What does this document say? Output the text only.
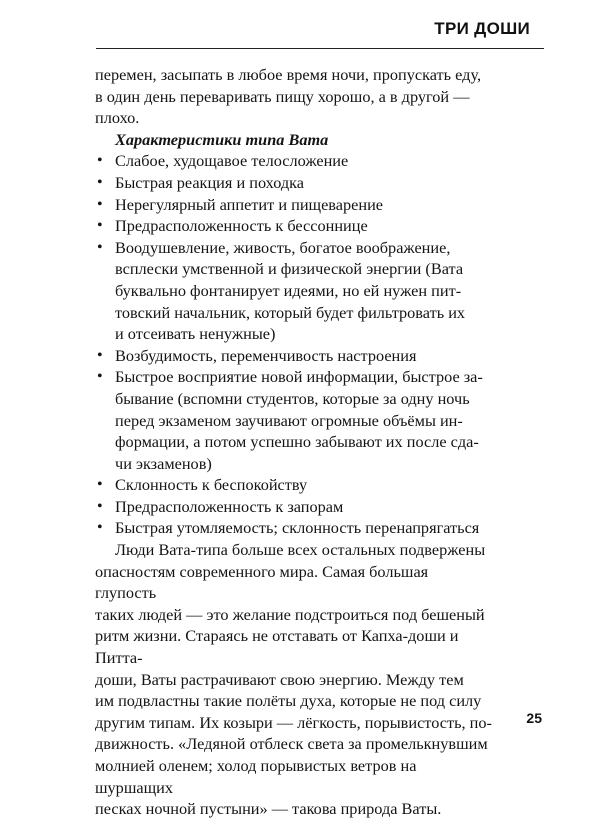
ТРИ ДОШИ

перемен, засыпать в любое время ночи, пропускать еду,
в один день переваривать пищу хорошо, а в другой —
плохо.

Характеристики типа Вата

• Слабое, худощавое телосложение
• Быстрая реакция и походка
• Нерегулярный аппетит и пищеварение
• Предрасположенность к бессоннице
• Воодушевление, живость, богатое воображение,
всплески умственной и физической энергии (Вата
буквально фонтанирует идеями, но ей нужен пит-
товский начальник, который будет фильтровать их
и отсеивать ненужные)
• Возбудимость, переменчивость настроения
• Быстрое восприятие новой информации, быстрое за-
бывание (вспомни студентов, которые за одну ночь
перед экзаменом заучивают огромные объёмы ин-
формации, а потом успешно забывают их после сда-
чи экзаменов)
• Склонность к беспокойству
• Предрасположенность к запорам
• Быстрая утомляемость; склонность перенапрягаться

Люди Вата-типа больше всех остальных подвержены
опасностям современного мира. Самая большая глупость
таких людей — это желание подстроиться под бешеный
ритм жизни. Стараясь не отставать от Капха-доши и Питта-
доши, Ваты растрачивают свою энергию. Между тем
им подвластны такие полёты духа, которые не под силу
другим типам. Их козыри — лёгкость, порывистость, по-
движность. «Ледяной отблеск света за промелькнувшим
молнией оленем; холод порывистых ветров на шуршащих
песках ночной пустыни» — такова природа Ваты.

25
